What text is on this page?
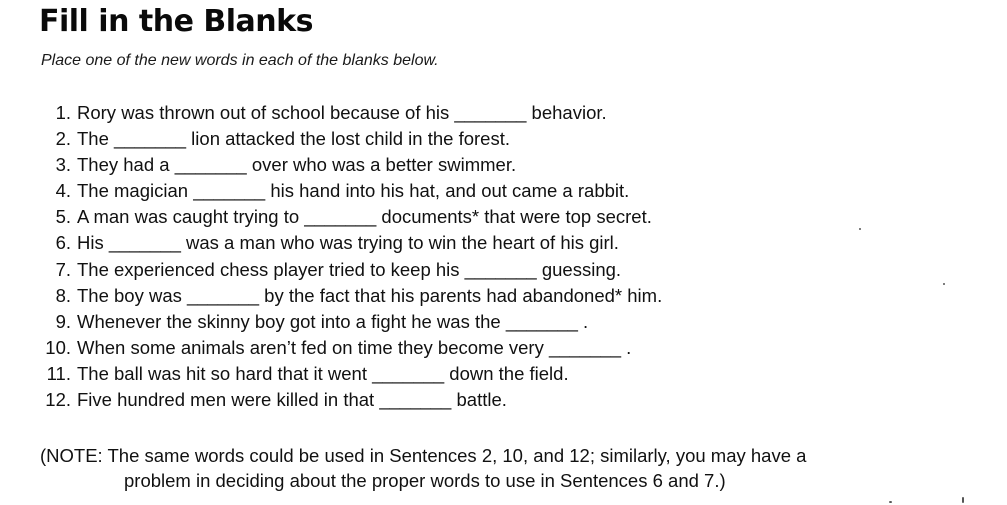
Fill in the Blanks

Place one of the new words in each of the blanks below.

1. Rory was thrown out of school because of his _______ behavior.
2. The _______ lion attacked the lost child in the forest.
3. They had a _______ over who was a better swimmer.
4. The magician _______ his hand into his hat, and out came a rabbit.
5. A man was caught trying to _______ documents* that were top secret.
6. His _______ was a man who was trying to win the heart of his girl.
7. The experienced chess player tried to keep his _______ guessing.
8. The boy was _______ by the fact that his parents had abandoned* him.
9. Whenever the skinny boy got into a fight he was the _______ .
10. When some animals aren’t fed on time they become very _______ .
11. The ball was hit so hard that it went _______ down the field.
12. Five hundred men were killed in that _______ battle.

(NOTE: The same words could be used in Sentences 2, 10, and 12; similarly, you may have a
problem in deciding about the proper words to use in Sentences 6 and 7.)
